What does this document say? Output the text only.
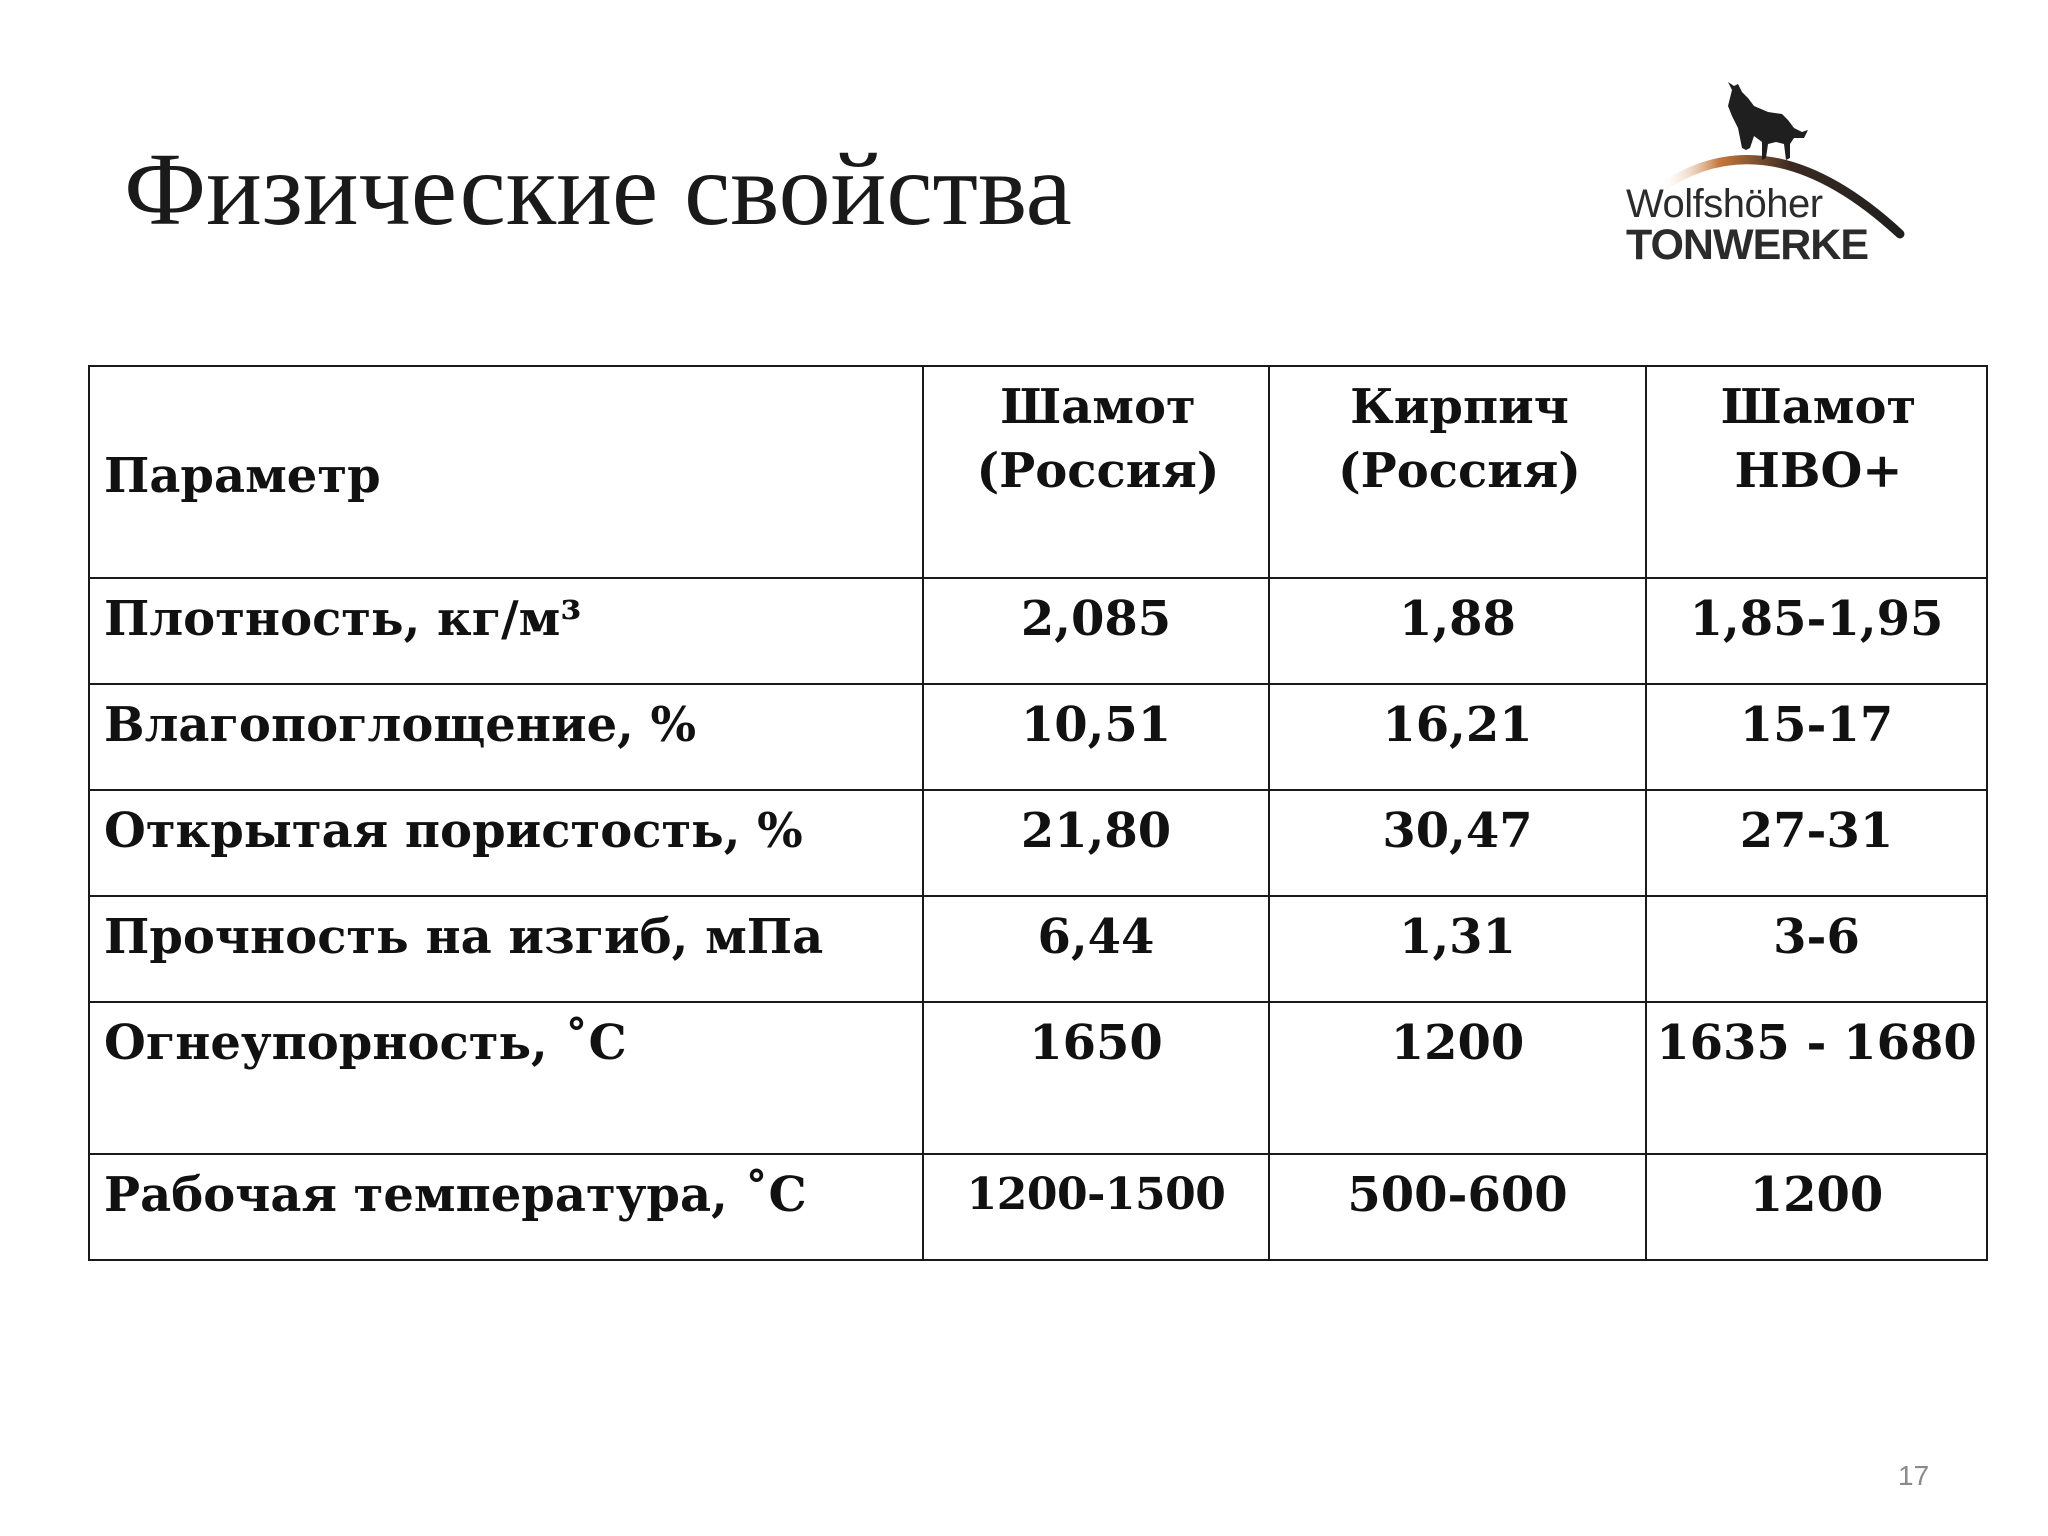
Физические свойства	Wolfshöher
TONWERKE
Параметр	Шамот (Россия)	Кирпич (Россия)	Шамот НВО+
Плотность, кг/м³	2,085	1,88	1,85-1,95
Влагопоглощение, %	10,51	16,21	15-17
Открытая пористость, %	21,80	30,47	27-31
Прочность на изгиб, мПа	6,44	1,31	3-6
Огнеупорность, ˚С	1650	1200	1635 - 1680
Рабочая температура, ˚С	1200-1500	500-600	1200
17
